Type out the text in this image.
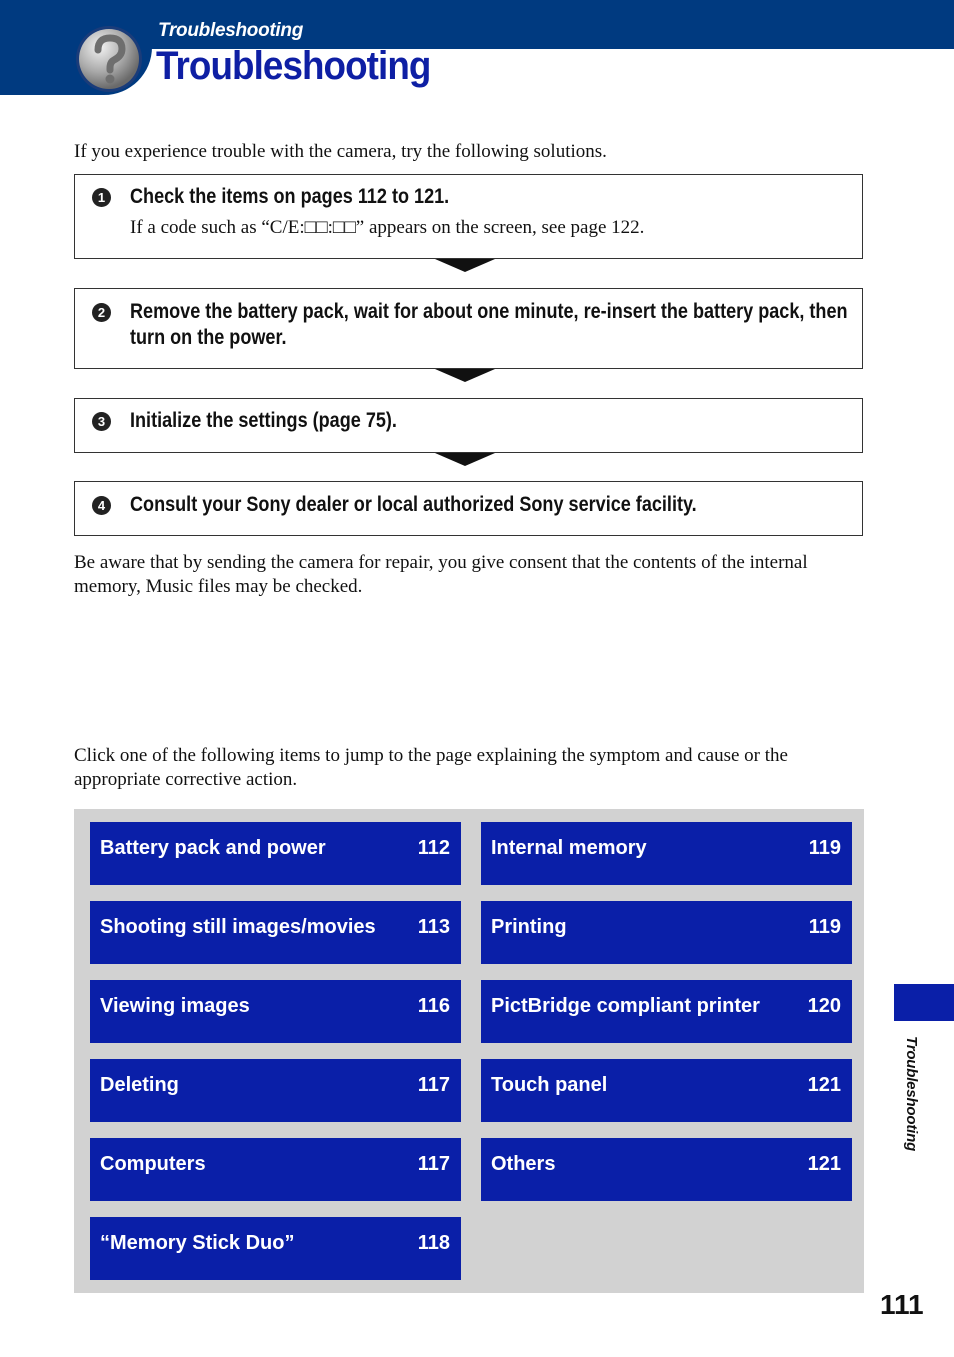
Troubleshooting
Troubleshooting
If you experience trouble with the camera, try the following solutions.
1 Check the items on pages 112 to 121.
If a code such as “C/E:□□:□□” appears on the screen, see page 122.
2 Remove the battery pack, wait for about one minute, re-insert the battery pack, then turn on the power.
3 Initialize the settings (page 75).
4 Consult your Sony dealer or local authorized Sony service facility.
Be aware that by sending the camera for repair, you give consent that the contents of the internal memory, Music files may be checked.
Click one of the following items to jump to the page explaining the symptom and cause or the appropriate corrective action.
Battery pack and power	112
Shooting still images/movies 113
Viewing images	116
Deleting	117
Computers	117
“Memory Stick Duo”	118
Internal memory	119
Printing	119
PictBridge compliant printer 120
Touch panel	121
Others	121
Troubleshooting
111
